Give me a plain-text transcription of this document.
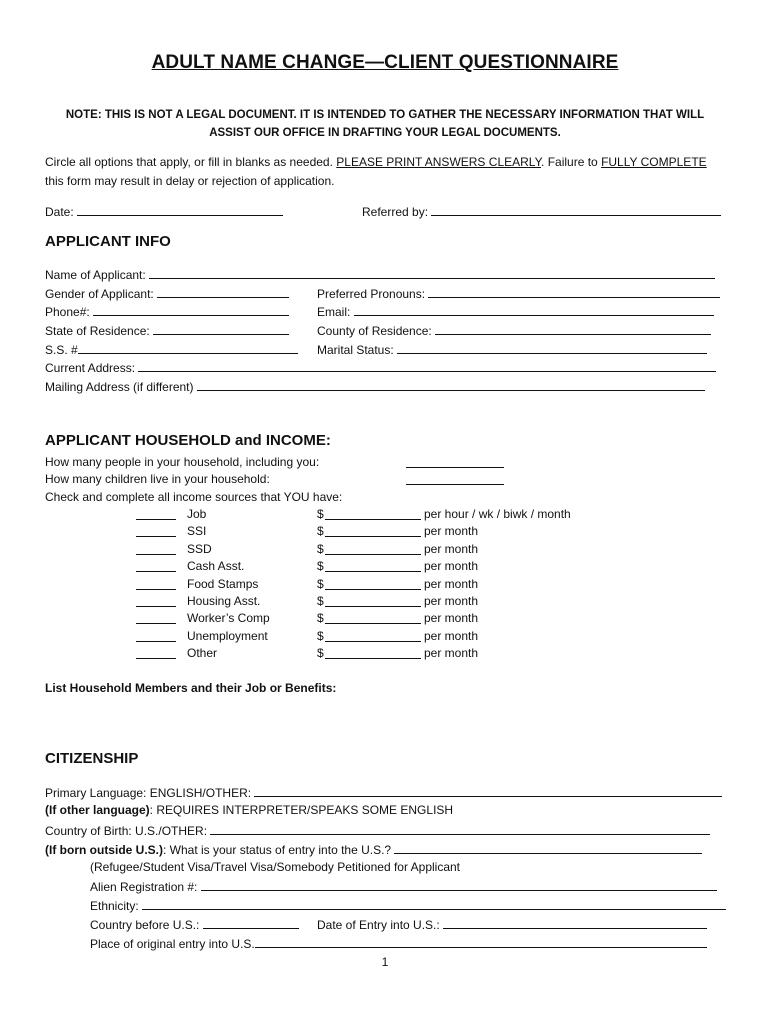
ADULT NAME CHANGE—CLIENT QUESTIONNAIRE
NOTE: THIS IS NOT A LEGAL DOCUMENT. IT IS INTENDED TO GATHER THE NECESSARY INFORMATION THAT WILL
ASSIST OUR OFFICE IN DRAFTING YOUR LEGAL DOCUMENTS.
Circle all options that apply, or fill in blanks as needed. PLEASE PRINT ANSWERS CLEARLY. Failure to FULLY COMPLETE
this form may result in delay or rejection of application.
Date:	Referred by:
APPLICANT INFO
Name of Applicant:
Gender of Applicant:	Preferred Pronouns:
Phone#:	Email:
State of Residence:	County of Residence:
S.S. #	Marital Status:
Current Address:
Mailing Address (if different)
APPLICANT HOUSEHOLD and INCOME:
How many people in your household, including you:
How many children live in your household:
Check and complete all income sources that YOU have:
Job	$	per hour / wk / biwk / month
SSI	$	per month
SSD	$	per month
Cash Asst.	$	per month
Food Stamps	$	per month
Housing Asst.	$	per month
Worker’s Comp	$	per month
Unemployment	$	per month
Other	$	per month
List Household Members and their Job or Benefits:
CITIZENSHIP
Primary Language: ENGLISH/OTHER:
(If other language): REQUIRES INTERPRETER/SPEAKS SOME ENGLISH
Country of Birth: U.S./OTHER:
(If born outside U.S.): What is your status of entry into the U.S.?
(Refugee/Student Visa/Travel Visa/Somebody Petitioned for Applicant
Alien Registration #:
Ethnicity:
Country before U.S.:	Date of Entry into U.S.:
Place of original entry into U.S.
1
